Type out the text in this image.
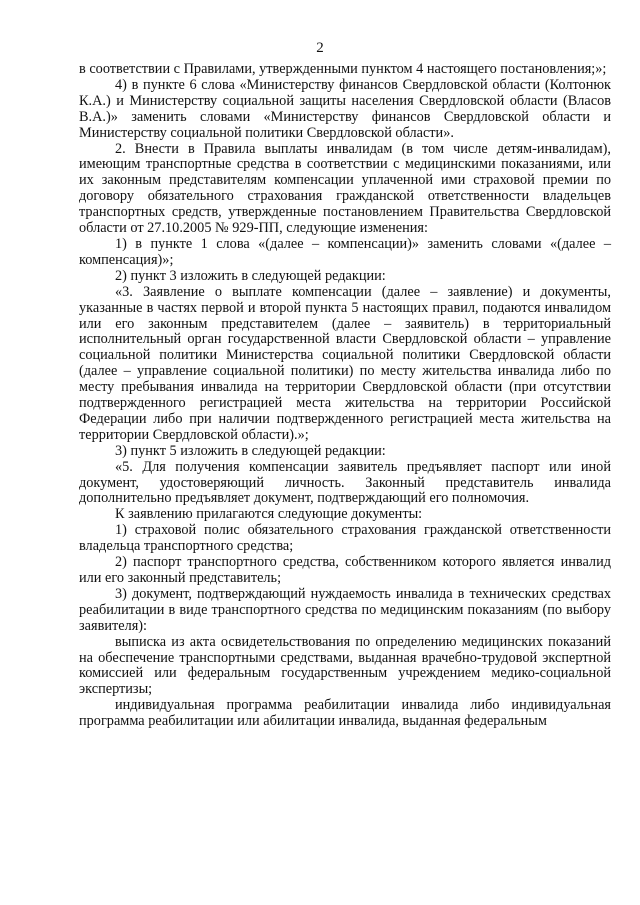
2

в соответствии с Правилами, утвержденными пунктом 4 настоящего постановления;»;

4) в пункте 6 слова «Министерству финансов Свердловской области (Колтонюк К.А.) и Министерству социальной защиты населения Свердловской области (Власов В.А.)» заменить словами «Министерству финансов Свердловской области и Министерству социальной политики Свердловской области».

2. Внести в Правила выплаты инвалидам (в том числе детям-инвалидам), имеющим транспортные средства в соответствии с медицинскими показаниями, или их законным представителям компенсации уплаченной ими страховой премии по договору обязательного страхования гражданской ответственности владельцев транспортных средств, утвержденные постановлением Правительства Свердловской области от 27.10.2005 № 929-ПП, следующие изменения:

1) в пункте 1 слова «(далее – компенсации)» заменить словами «(далее – компенсация)»;

2) пункт 3 изложить в следующей редакции:

«3. Заявление о выплате компенсации (далее – заявление) и документы, указанные в частях первой и второй пункта 5 настоящих правил, подаются инвалидом или его законным представителем (далее – заявитель) в территориальный исполнительный орган государственной власти Свердловской области – управление социальной политики Министерства социальной политики Свердловской области (далее – управление социальной политики) по месту жительства инвалида либо по месту пребывания инвалида на территории Свердловской области (при отсутствии подтвержденного регистрацией места жительства на территории Российской Федерации либо при наличии подтвержденного регистрацией места жительства на территории Свердловской области).»;

3) пункт 5 изложить в следующей редакции:

«5. Для получения компенсации заявитель предъявляет паспорт или иной документ, удостоверяющий личность. Законный представитель инвалида дополнительно предъявляет документ, подтверждающий его полномочия.

К заявлению прилагаются следующие документы:

1) страховой полис обязательного страхования гражданской ответственности владельца транспортного средства;

2) паспорт транспортного средства, собственником которого является инвалид или его законный представитель;

3) документ, подтверждающий нуждаемость инвалида в технических средствах реабилитации в виде транспортного средства по медицинским показаниям (по выбору заявителя):

выписка из акта освидетельствования по определению медицинских показаний на обеспечение транспортными средствами, выданная врачебно-трудовой экспертной комиссией или федеральным государственным учреждением медико-социальной экспертизы;

индивидуальная программа реабилитации инвалида либо индивидуальная программа реабилитации или абилитации инвалида, выданная федеральным
